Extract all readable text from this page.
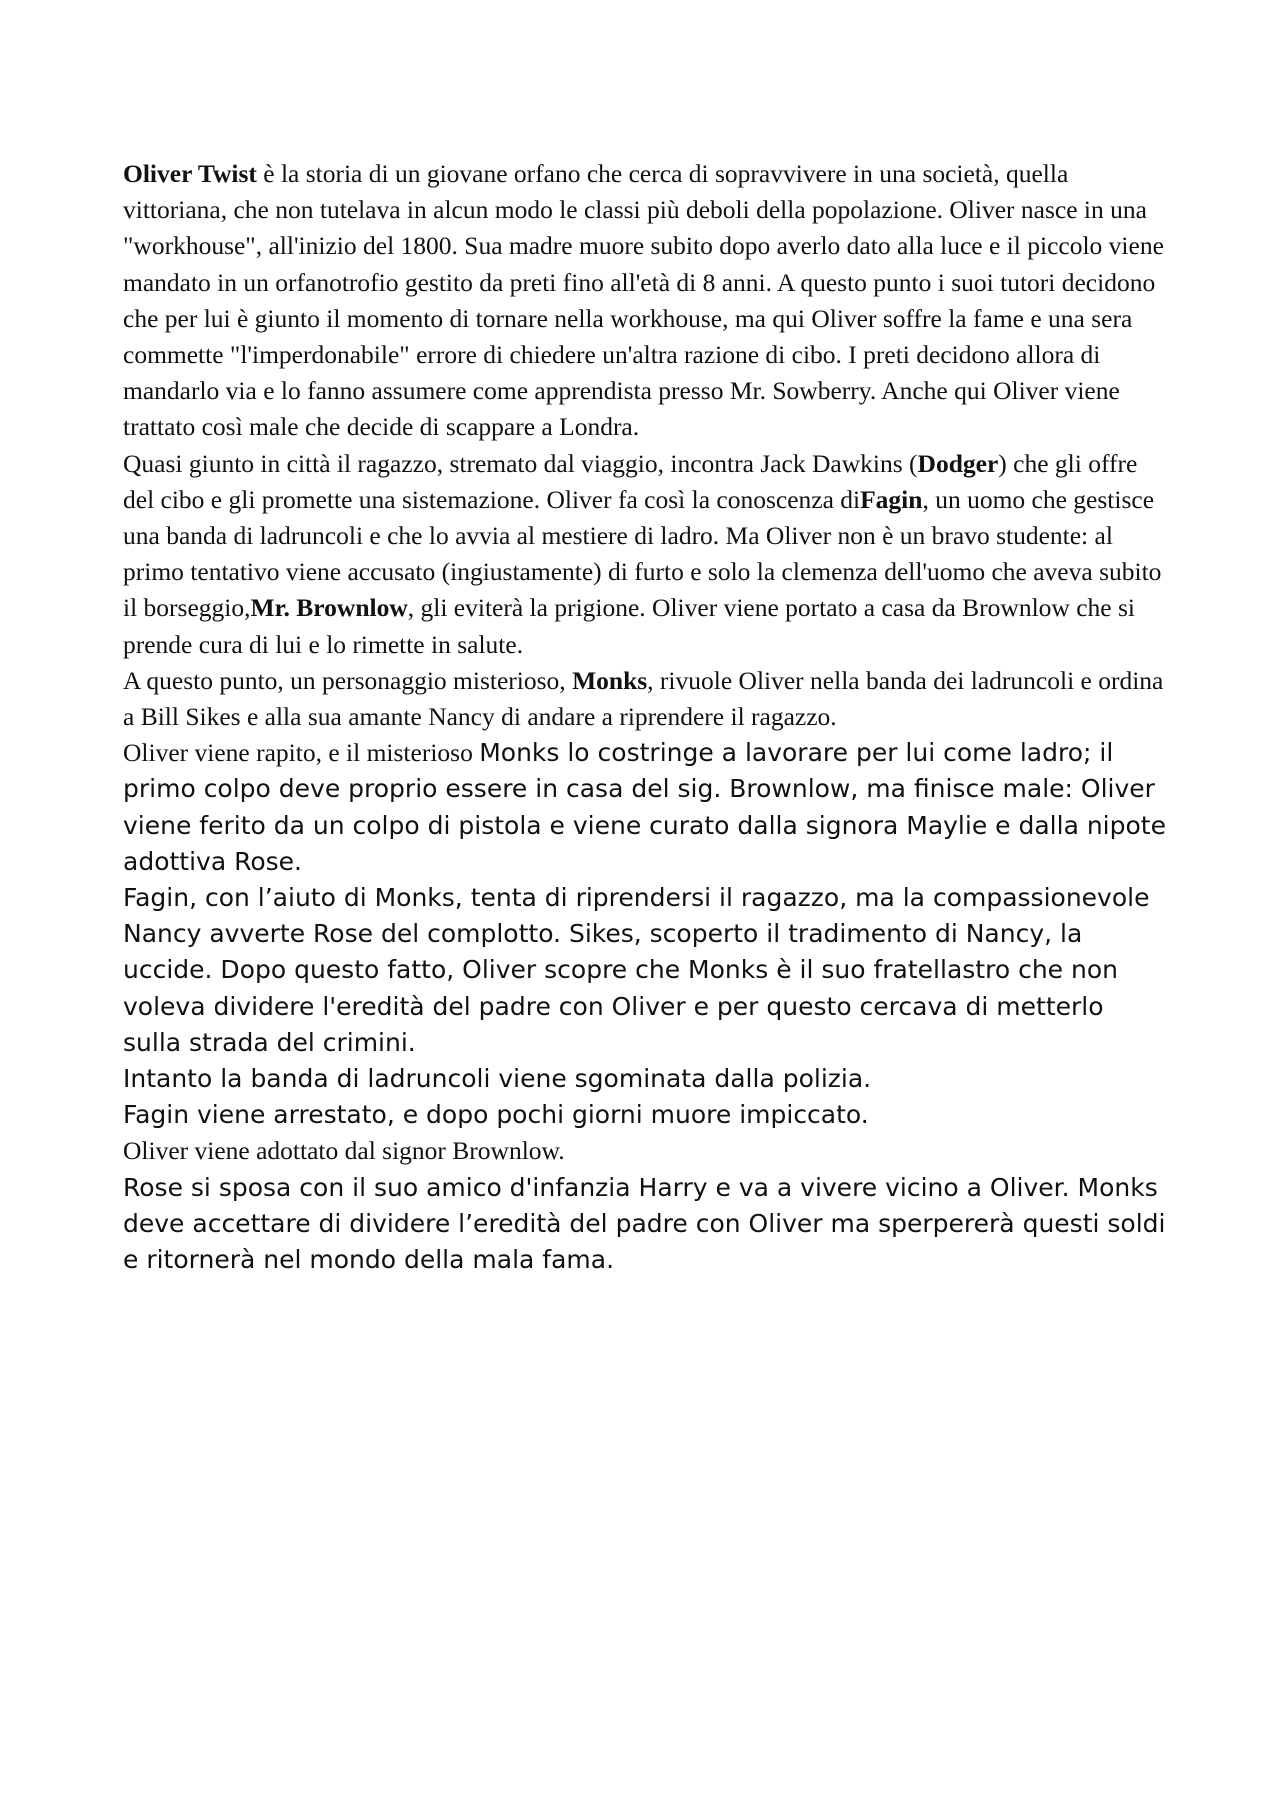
Oliver Twist è la storia di un giovane orfano che cerca di sopravvivere in una società, quella vittoriana, che non tutelava in alcun modo le classi più deboli della popolazione. Oliver nasce in una "workhouse", all'inizio del 1800. Sua madre muore subito dopo averlo dato alla luce e il piccolo viene mandato in un orfanotrofio gestito da preti fino all'età di 8 anni. A questo punto i suoi tutori decidono che per lui è giunto il momento di tornare nella workhouse, ma qui Oliver soffre la fame e una sera commette "l'imperdonabile" errore di chiedere un'altra razione di cibo. I preti decidono allora di mandarlo via e lo fanno assumere come apprendista presso Mr. Sowberry. Anche qui Oliver viene trattato così male che decide di scappare a Londra.

Quasi giunto in città il ragazzo, stremato dal viaggio, incontra Jack Dawkins (Dodger) che gli offre del cibo e gli promette una sistemazione. Oliver fa così la conoscenza diFagin, un uomo che gestisce una banda di ladruncoli e che lo avvia al mestiere di ladro. Ma Oliver non è un bravo studente: al primo tentativo viene accusato (ingiustamente) di furto e solo la clemenza dell'uomo che aveva subito il borseggio,Mr. Brownlow, gli eviterà la prigione. Oliver viene portato a casa da Brownlow che si prende cura di lui e lo rimette in salute.

A questo punto, un personaggio misterioso, Monks, rivuole Oliver nella banda dei ladruncoli e ordina a Bill Sikes e alla sua amante Nancy di andare a riprendere il ragazzo.

Oliver viene rapito, e il misterioso Monks lo costringe a lavorare per lui come ladro; il primo colpo deve proprio essere in casa del sig. Brownlow, ma finisce male: Oliver viene ferito da un colpo di pistola e viene curato dalla signora Maylie e dalla nipote adottiva Rose.

Fagin, con l’aiuto di Monks, tenta di riprendersi il ragazzo, ma la compassionevole Nancy avverte Rose del complotto. Sikes, scoperto il tradimento di Nancy, la uccide. Dopo questo fatto, Oliver scopre che Monks è il suo fratellastro che non voleva dividere l'eredità del padre con Oliver e per questo cercava di metterlo sulla strada del crimini.

Intanto la banda di ladruncoli viene sgominata dalla polizia.

Fagin viene arrestato, e dopo pochi giorni muore impiccato.

Oliver viene adottato dal signor Brownlow.

Rose si sposa con il suo amico d'infanzia Harry e va a vivere vicino a Oliver. Monks deve accettare di dividere l’eredità del padre con Oliver ma sperpererà questi soldi e ritornerà nel mondo della mala fama.
